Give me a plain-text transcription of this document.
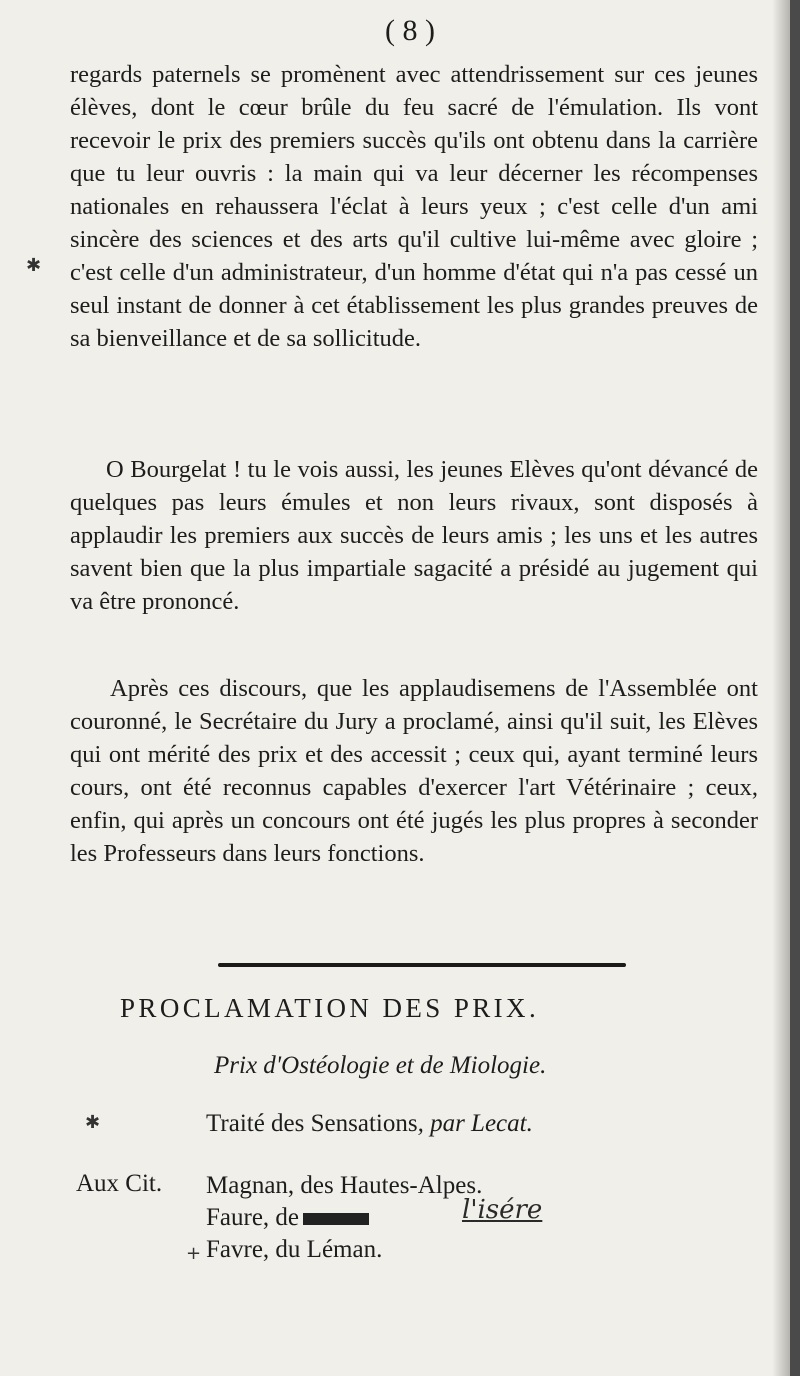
( 8 )

regards paternels se promènent avec attendrissement sur ces jeunes élèves, dont le cœur brûle du feu sacré de l'émulation. Ils vont recevoir le prix des premiers succès qu'ils ont obtenu dans la carrière que tu leur ouvris : la main qui va leur décerner les récompenses nationales en rehaussera l'éclat à leurs yeux ; c'est celle d'un ami sincère des sciences et des arts qu'il cultive lui-même avec gloire ; c'est celle d'un administrateur, d'un homme d'état qui n'a pas cessé un seul instant de donner à cet établissement les plus grandes preuves de sa bienveillance et de sa sollicitude.

O Bourgelat ! tu le vois aussi, les jeunes Elèves qu'ont dévancé de quelques pas leurs émules et non leurs rivaux, sont disposés à applaudir les premiers aux succès de leurs amis ; les uns et les autres savent bien que la plus impartiale sagacité a présidé au jugement qui va être prononcé.

Après ces discours, que les applaudisemens de l'Assemblée ont couronné, le Secrétaire du Jury a proclamé, ainsi qu'il suit, les Elèves qui ont mérité des prix et des accessit ; ceux qui, ayant terminé leurs cours, ont été reconnus capables d'exercer l'art Vétérinaire ; ceux, enfin, qui après un concours ont été jugés les plus propres à seconder les Professeurs dans leurs fonctions.

PROCLAMATION DES PRIX.
Prix d'Ostéologie et de Miologie.
Traité des Sensations, par Lecat.
Aux Cit. Magnan, des Hautes-Alpes.
Faure, de
Favre, du Léman.
l'isére
✱
✱
+
